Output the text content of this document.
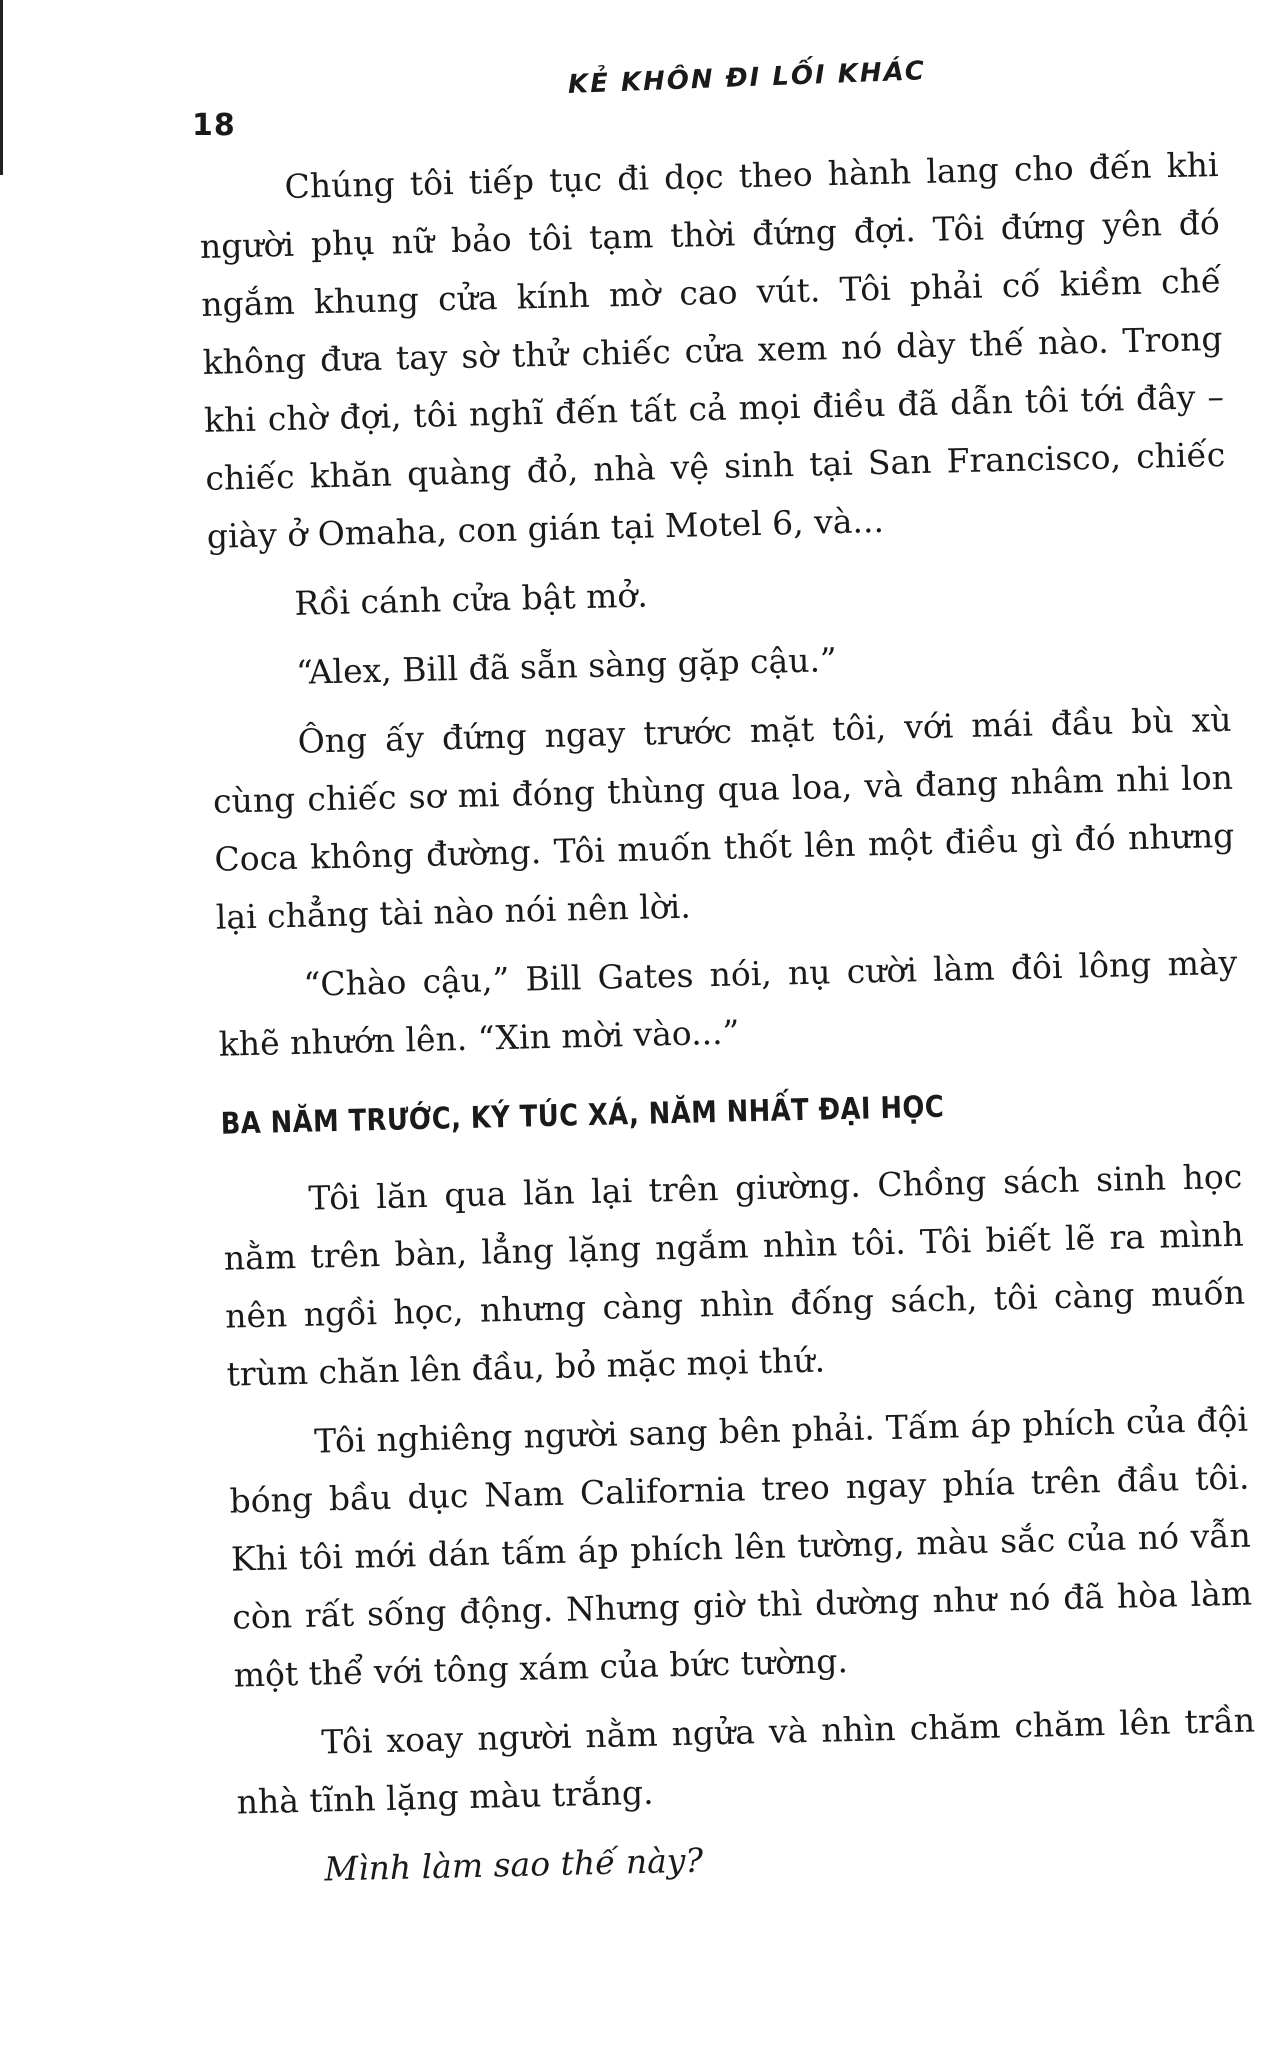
18
KẺ KHÔN ĐI LỐI KHÁC

Chúng tôi tiếp tục đi dọc theo hành lang cho đến khi người phụ nữ bảo tôi tạm thời đứng đợi. Tôi đứng yên đó ngắm khung cửa kính mờ cao vút. Tôi phải cố kiềm chế không đưa tay sờ thử chiếc cửa xem nó dày thế nào. Trong khi chờ đợi, tôi nghĩ đến tất cả mọi điều đã dẫn tôi tới đây – chiếc khăn quàng đỏ, nhà vệ sinh tại San Francisco, chiếc giày ở Omaha, con gián tại Motel 6, và...

Rồi cánh cửa bật mở.

“Alex, Bill đã sẵn sàng gặp cậu.”

Ông ấy đứng ngay trước mặt tôi, với mái đầu bù xù cùng chiếc sơ mi đóng thùng qua loa, và đang nhâm nhi lon Coca không đường. Tôi muốn thốt lên một điều gì đó nhưng lại chẳng tài nào nói nên lời.

“Chào cậu,” Bill Gates nói, nụ cười làm đôi lông mày khẽ nhướn lên. “Xin mời vào...”

BA NĂM TRƯỚC, KÝ TÚC XÁ, NĂM NHẤT ĐẠI HỌC

Tôi lăn qua lăn lại trên giường. Chồng sách sinh học nằm trên bàn, lẳng lặng ngắm nhìn tôi. Tôi biết lẽ ra mình nên ngồi học, nhưng càng nhìn đống sách, tôi càng muốn trùm chăn lên đầu, bỏ mặc mọi thứ.

Tôi nghiêng người sang bên phải. Tấm áp phích của đội bóng bầu dục Nam California treo ngay phía trên đầu tôi. Khi tôi mới dán tấm áp phích lên tường, màu sắc của nó vẫn còn rất sống động. Nhưng giờ thì dường như nó đã hòa làm một thể với tông xám của bức tường.

Tôi xoay người nằm ngửa và nhìn chăm chăm lên trần nhà tĩnh lặng màu trắng.

Mình làm sao thế này?
